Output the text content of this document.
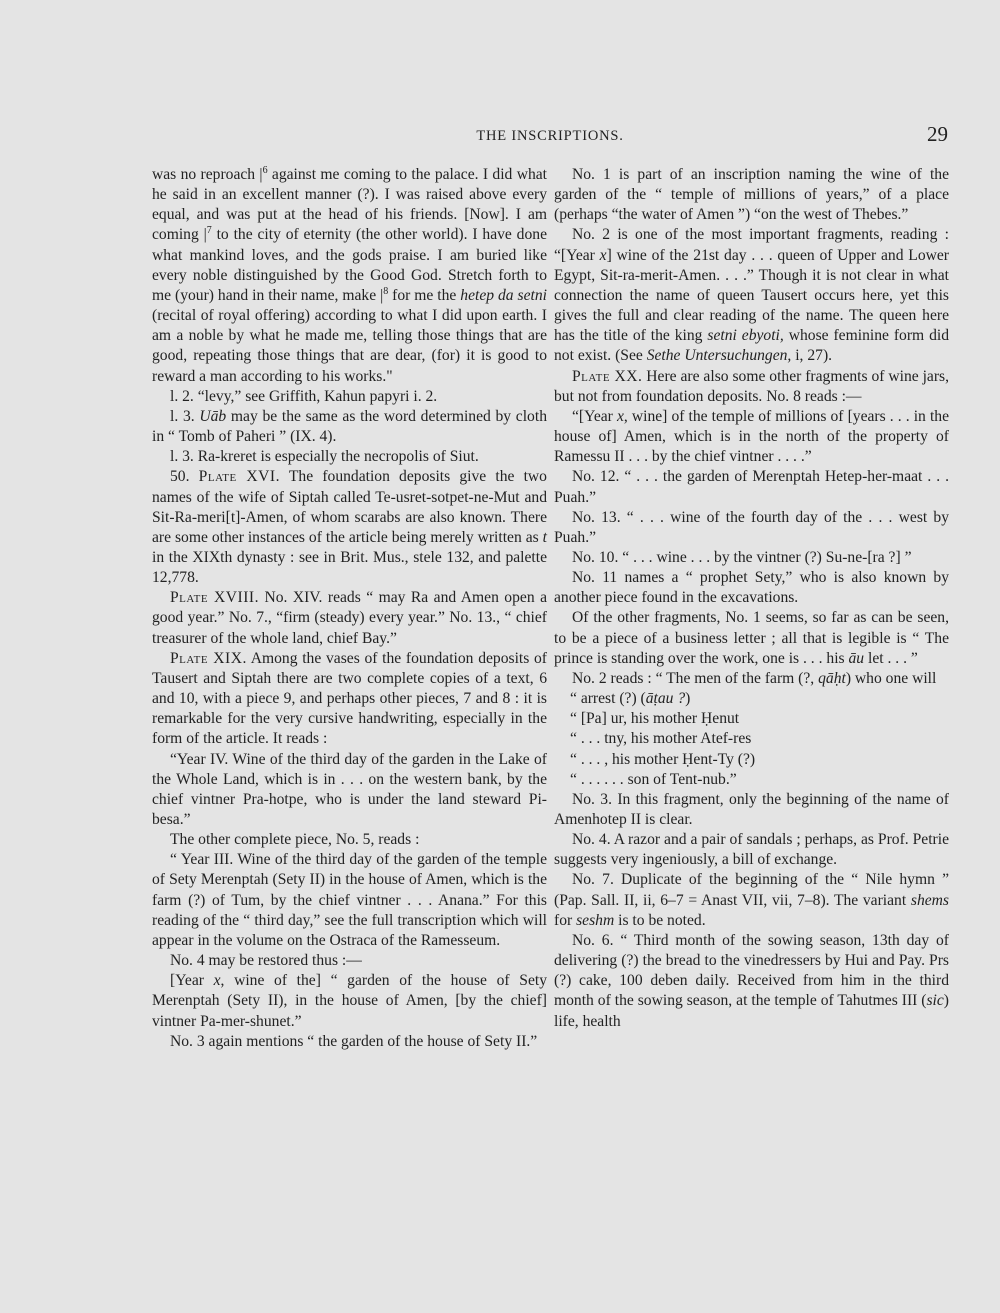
THE INSCRIPTIONS.	29

was no reproach $|^6$ against me coming to the palace. I did what he said in an excellent manner (?). I was raised above every equal, and was put at the head of his friends. [Now]. I am coming $|^7$ to the city of eternity (the other world). I have done what mankind loves, and the gods praise. I am buried like every noble distinguished by the Good God. Stretch forth to me (your) hand in their name, make $|^8$ for me the hetep da setni (recital of royal offering) according to what I did upon earth. I am a noble by what he made me, telling those things that are good, repeating those things that are dear, (for) it is good to reward a man according to his works."

l. 2. “levy,” see Griffith, Kahun papyri i. 2.

l. 3. Uāb may be the same as the word determined by cloth in “ Tomb of Paheri ” (IX. 4).

l. 3. Ra-kreret is especially the necropolis of Siut.

50. Plate XVI. The foundation deposits give the two names of the wife of Siptah called Te-usret-sotpet-ne-Mut and Sit-Ra-meri[t]-Amen, of whom scarabs are also known. There are some other instances of the article being merely written as t in the XIXth dynasty : see in Brit. Mus., stele 132, and palette 12,778.

Plate XVIII. No. XIV. reads “ may Ra and Amen open a good year.” No. 7., “firm (steady) every year.” No. 13., “ chief treasurer of the whole land, chief Bay.”

Plate XIX. Among the vases of the foundation deposits of Tausert and Siptah there are two complete copies of a text, 6 and 10, with a piece 9, and perhaps other pieces, 7 and 8 : it is remarkable for the very cursive handwriting, especially in the form of the article. It reads :

“Year IV. Wine of the third day of the garden in the Lake of the Whole Land, which is in . . . on the western bank, by the chief vintner Pra-hotpe, who is under the land steward Pi-besa.”

The other complete piece, No. 5, reads :

“ Year III. Wine of the third day of the garden of the temple of Sety Merenptah (Sety II) in the house of Amen, which is the farm (?) of Tum, by the chief vintner . . . Anana.” For this reading of the “ third day,” see the full transcription which will appear in the volume on the Ostraca of the Ramesseum.

No. 4 may be restored thus :—

[Year x, wine of the] “ garden of the house of Sety Merenptah (Sety II), in the house of Amen, [by the chief] vintner Pa-mer-shunet.”

No. 3 again mentions “ the garden of the house of Sety II.”

No. 1 is part of an inscription naming the wine of the garden of the “ temple of millions of years,” of a place (perhaps “the water of Amen ”) “on the west of Thebes.”

No. 2 is one of the most important fragments, reading : “[Year x] wine of the 21st day . . . queen of Upper and Lower Egypt, Sit-ra-merit-Amen. . . .” Though it is not clear in what connection the name of queen Tausert occurs here, yet this gives the full and clear reading of the name. The queen here has the title of the king setni ebyoti, whose feminine form did not exist. (See Sethe Untersuchungen, i, 27).

Plate XX. Here are also some other fragments of wine jars, but not from foundation deposits. No. 8 reads :—

“[Year x, wine] of the temple of millions of [years . . . in the house of] Amen, which is in the north of the property of Ramessu II . . . by the chief vintner . . . .”

No. 12. “ . . . the garden of Merenptah Hetep-her-maat . . . Puah.”

No. 13. “ . . . wine of the fourth day of the . . . west by Puah.”

No. 10. “ . . . wine . . . by the vintner (?) Su-ne-[ra ?] ”

No. 11 names a “ prophet Sety,” who is also known by another piece found in the excavations.

Of the other fragments, No. 1 seems, so far as can be seen, to be a piece of a business letter ; all that is legible is “ The prince is standing over the work, one is . . . his āu let . . . ”

No. 2 reads : “ The men of the farm (?, qāḥt) who one will

“ arrest (?) (āṭau ?)

“ [Pa] ur, his mother Ḥenut

“ . . . tny, his mother Atef-res

“ . . . , his mother Ḥent-Ty (?)

“ . . . . . . son of Tent-nub.”

No. 3. In this fragment, only the beginning of the name of Amenhotep II is clear.

No. 4. A razor and a pair of sandals ; perhaps, as Prof. Petrie suggests very ingeniously, a bill of exchange.

No. 7. Duplicate of the beginning of the “ Nile hymn ” (Pap. Sall. II, ii, 6–7 = Anast VII, vii, 7–8). The variant shems for seshm is to be noted.

No. 6. “ Third month of the sowing season, 13th day of delivering (?) the bread to the vinedressers by Hui and Pay. Prs (?) cake, 100 deben daily. Received from him in the third month of the sowing season, at the temple of Tahutmes III (sic) life, health
